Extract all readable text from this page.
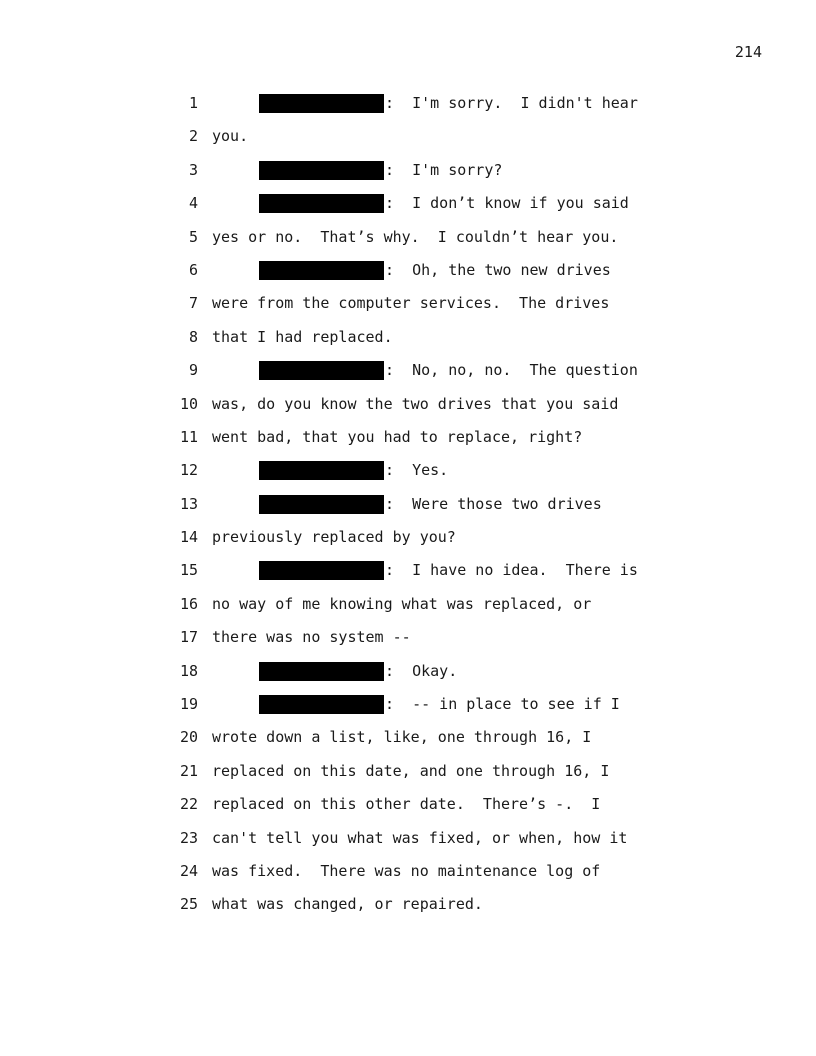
214
1	:  I'm sorry.  I didn't hear
2 you.
3	:  I'm sorry?
4	:  I don’t know if you said
5 yes or no.  That’s why.  I couldn’t hear you.
6	:  Oh, the two new drives
7 were from the computer services.  The drives
8 that I had replaced.
9	:  No, no, no.  The question
10 was, do you know the two drives that you said
11 went bad, that you had to replace, right?
12	:  Yes.
13	:  Were those two drives
14 previously replaced by you?
15	:  I have no idea.  There is
16 no way of me knowing what was replaced, or
17 there was no system --
18	:  Okay.
19	:  -- in place to see if I
20 wrote down a list, like, one through 16, I
21 replaced on this date, and one through 16, I
22 replaced on this other date.  There’s -.  I
23 can't tell you what was fixed, or when, how it
24 was fixed.  There was no maintenance log of
25 what was changed, or repaired.
